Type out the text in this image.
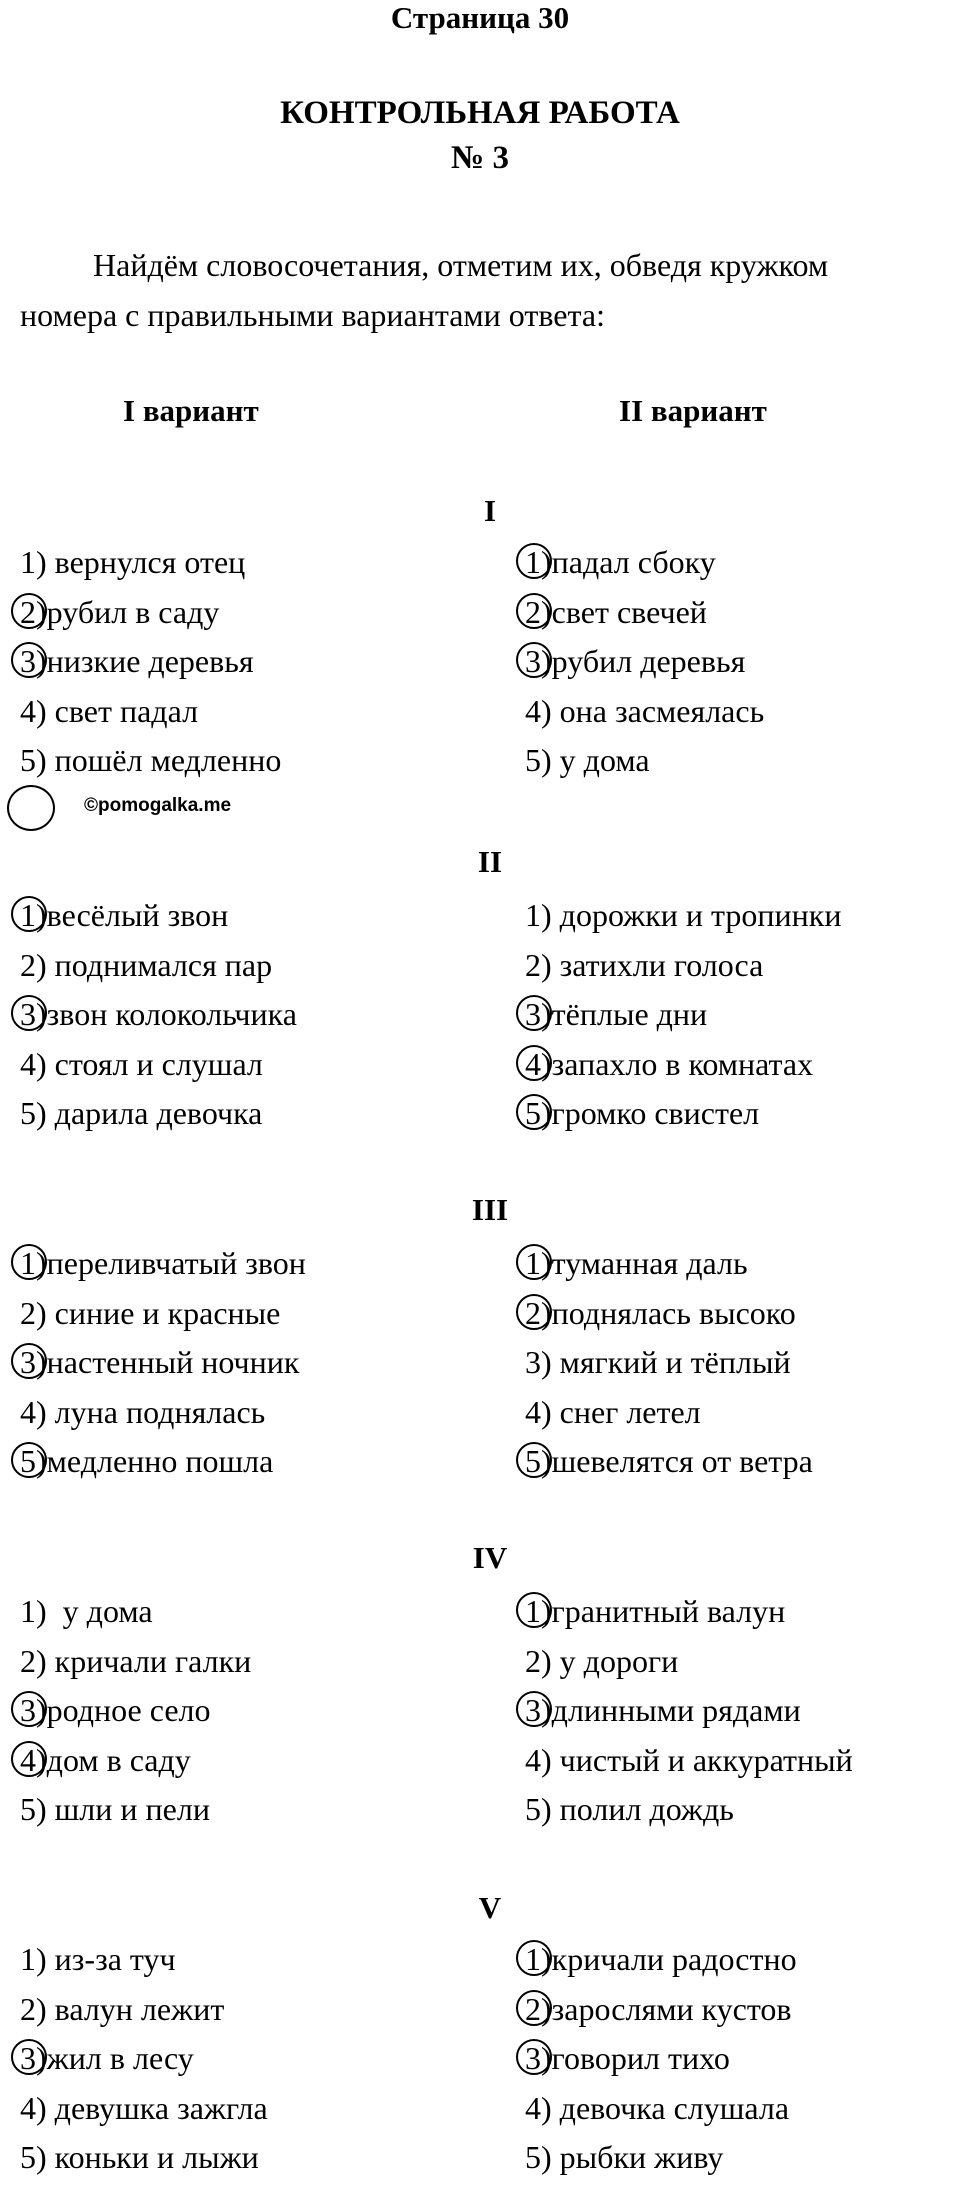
Страница 30
КОНТРОЛЬНАЯ РАБОТА
№ 3
Найдём словосочетания, отметим их, обведя кружком
номера с правильными вариантами ответа:
I вариант	II вариант
©pomogalka.me
I
1) вернулся отец
2)
рубил в саду
3)
низкие деревья
4) свет падал
5) пошёл медленно
1)
падал сбоку
2)
свет свечей
3)
рубил деревья
4) она засмеялась
5) у дома
II
1)
весёлый звон
2) поднимался пар
3)
звон колокольчика
4) стоял и слушал
5) дарила девочка
1) дорожки и тропинки
2) затихли голоса
3)
тёплые дни
4)
запахло в комнатах
5)
громко свистел
III
1)
переливчатый звон
2) синие и красные
3)
настенный ночник
4) луна поднялась
5)
медленно пошла
1)
туманная даль
2)
поднялась высоко
3) мягкий и тёплый
4) снег летел
5)
шевелятся от ветра
IV
1)  у дома
2) кричали галки
3)
родное село
4)
дом в саду
5) шли и пели
1)
гранитный валун
2) у дороги
3)
длинными рядами
4) чистый и аккуратный
5) полил дождь
V
1) из-за туч
2) валун лежит
3)
жил в лесу
4) девушка зажгла
5) коньки и лыжи
1)
кричали радостно
2)
зарослями кустов
3)
говорил тихо
4) девочка слушала
5) рыбки живу
